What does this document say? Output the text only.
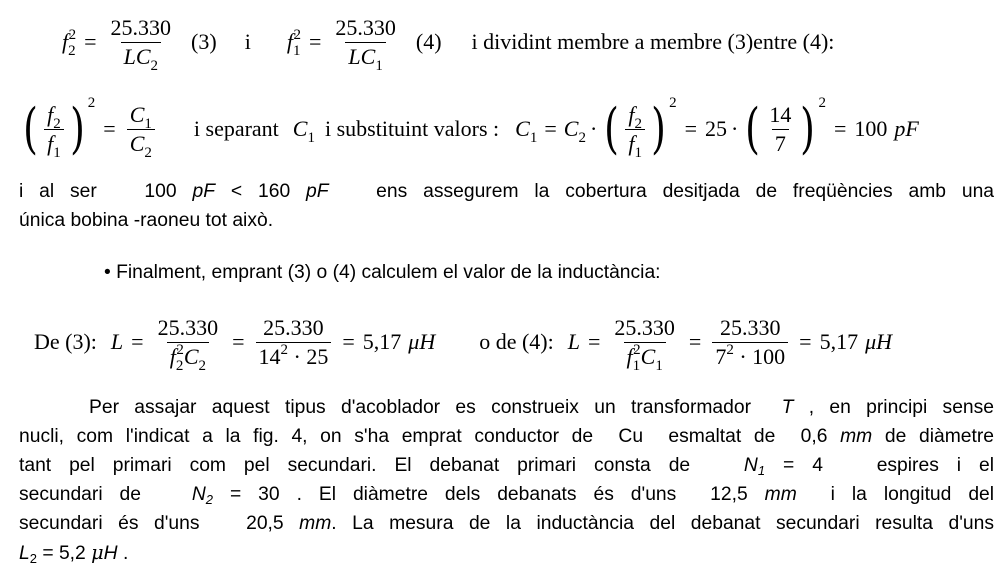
$f_2^2 = \frac{25.330}{LC_2} (3)$ i $f_1^2 = \frac{25.330}{LC_1} (4)$ i dividint membre a membre (3)entre (4):
( $\frac{f_2}{f_1}$ ) 2
= $\frac{C_1}{C_2}$ i separant $C_1$ i substituint valors : $C_1 = C_2$ · ( $\frac{f_2}{f_1}$ ) 2
= 25 · ( $\frac{14}{7}$ ) 2
= 100 pF
i al ser 100 pF < 160 pF ens assegurem la cobertura desitjada de freqüències amb una
única bobina -raoneu tot això.
• Finalment, emprant (3) o (4) calculem el valor de la inductància:
De (3): $L = \frac{25.330}{f_2^2C_2} = \frac{25.330}{14^2 \cdot 25} = 5,17$ μ H o de (4): $L = \frac{25.330}{f_1^2C_1} = \frac{25.330}{7^2 \cdot 100} = 5,17$ μ H
Per assajar aquest tipus d'acoblador es construeix un transformador T , en principi sense
nucli, com l'indicat a la fig. 4, on s'ha emprat conductor de Cu esmaltat de 0,6 mm de diàmetre
tant pel primari com pel secundari. El debanat primari consta de	$N_1 = 4$	espires i el
secundari de	$N_2 = 30$ . El diàmetre dels debanats és d'uns 12,5 mm i la longitud del
secundari és d'uns 20,5 mm. La mesura de la inductància del debanat secundari resulta d'uns
$L_2 = 5,2$ μH .
